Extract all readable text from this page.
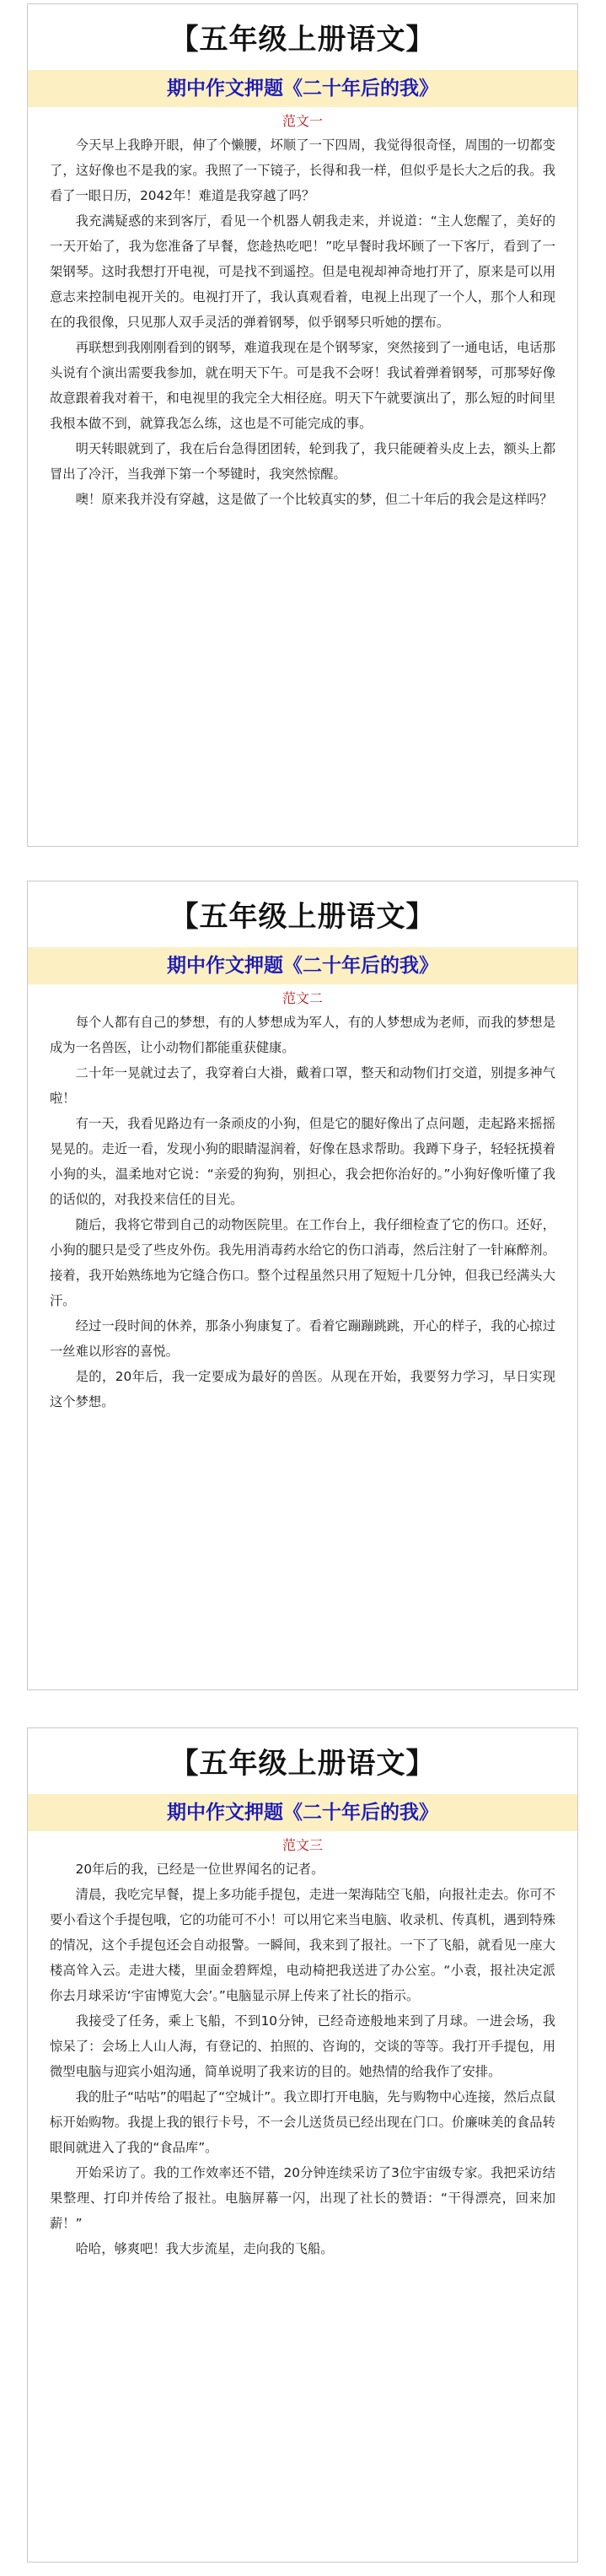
【五年级上册语文】
期中作文押题《二十年后的我》
范文一

今天早上我睁开眼，伸了个懒腰，坏顺了一下四周，我觉得很奇怪，周围的一切都变了，这好像也不是我的家。我照了一下镜子，长得和我一样，但似乎是长大之后的我。我看了一眼日历，2042年！难道是我穿越了吗？

我充满疑惑的来到客厅，看见一个机器人朝我走来，并说道：“主人您醒了，美好的一天开始了，我为您准备了早餐，您趁热吃吧！”吃早餐时我坏顾了一下客厅，看到了一架钢琴。这时我想打开电视，可是找不到遥控。但是电视却神奇地打开了，原来是可以用意志来控制电视开关的。电视打开了，我认真观看着，电视上出现了一个人，那个人和现在的我很像，只见那人双手灵活的弹着钢琴，似乎钢琴只听她的摆布。

再联想到我刚刚看到的钢琴，难道我现在是个钢琴家，突然接到了一通电话，电话那头说有个演出需要我参加，就在明天下午。可是我不会呀！我试着弹着钢琴，可那琴好像故意跟着我对着干，和电视里的我完全大相径庭。明天下午就要演出了，那么短的时间里我根本做不到，就算我怎么练，这也是不可能完成的事。

明天转眼就到了，我在后台急得团团转，轮到我了，我只能硬着头皮上去，额头上都冒出了冷汗，当我弹下第一个琴键时，我突然惊醒。

噢！原来我并没有穿越，这是做了一个比较真实的梦，但二十年后的我会是这样吗？

【五年级上册语文】
期中作文押题《二十年后的我》
范文二

每个人都有自己的梦想，有的人梦想成为军人，有的人梦想成为老师，而我的梦想是成为一名兽医，让小动物们都能重获健康。

二十年一晃就过去了，我穿着白大褂，戴着口罩，整天和动物们打交道，别提多神气啦！

有一天，我看见路边有一条顽皮的小狗，但是它的腿好像出了点问题，走起路来摇摇晃晃的。走近一看，发现小狗的眼睛湿润着，好像在恳求帮助。我蹲下身子，轻轻抚摸着小狗的头，温柔地对它说：“亲爱的狗狗，别担心，我会把你治好的。”小狗好像听懂了我的话似的，对我投来信任的目光。

随后，我将它带到自己的动物医院里。在工作台上，我仔细检查了它的伤口。还好，小狗的腿只是受了些皮外伤。我先用消毒药水给它的伤口消毒，然后注射了一针麻醉剂。接着，我开始熟练地为它缝合伤口。整个过程虽然只用了短短十几分钟，但我已经满头大汗。

经过一段时间的休养，那条小狗康复了。看着它蹦蹦跳跳，开心的样子，我的心掠过一丝难以形容的喜悦。

是的，20年后，我一定要成为最好的兽医。从现在开始，我要努力学习，早日实现这个梦想。

【五年级上册语文】
期中作文押题《二十年后的我》
范文三

20年后的我，已经是一位世界闻名的记者。

清晨，我吃完早餐，提上多功能手提包，走进一架海陆空飞船，向报社走去。你可不要小看这个手提包哦，它的功能可不小！可以用它来当电脑、收录机、传真机，遇到特殊的情况，这个手提包还会自动报警。一瞬间，我来到了报社。一下了飞船，就看见一座大楼高耸入云。走进大楼，里面金碧辉煌，电动椅把我送进了办公室。“小袁，报社决定派你去月球采访‘宇宙博览大会’。”电脑显示屏上传来了社长的指示。

我接受了任务，乘上飞船，不到10分钟，已经奇迹般地来到了月球。一进会场，我惊呆了：会场上人山人海，有登记的、拍照的、咨询的，交谈的等等。我打开手提包，用微型电脑与迎宾小姐沟通，简单说明了我来访的目的。她热情的给我作了安排。

我的肚子“咕咕”的唱起了“空城计”。我立即打开电脑，先与购物中心连接，然后点鼠标开始购物。我提上我的银行卡号，不一会儿送货员已经出现在门口。价廉味美的食品转眼间就进入了我的“食品库”。

开始采访了。我的工作效率还不错，20分钟连续采访了3位宇宙级专家。我把采访结果整理、打印并传给了报社。电脑屏幕一闪，出现了社长的赞语：“干得漂亮，回来加薪！”

哈哈，够爽吧！我大步流星，走向我的飞船。
